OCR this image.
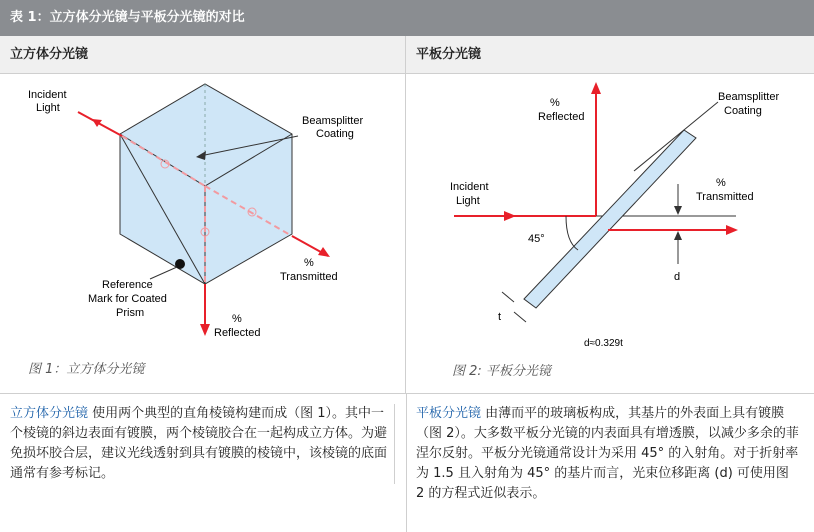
表 1：立方体分光镜与平板分光镜的对比
立方体分光镜	平板分光镜
Incident
Light
Beamsplitter
Coating
Reference
Mark for Coated
Prism
%
Transmitted
%
Reflected
图 1：立方体分光镜
%
Reflected
Beamsplitter
Coating
Incident
Light
%
Transmitted
45°
d
t
d≈0.329t
图 2: 平板分光镜
立方体分光镜 使用两个典型的直角棱镜构建而成（图 1）。其中一个棱镜的斜边表面有镀膜，两个棱镜胶合在一起构成立方体。为避免损坏胶合层，建议光线透射到具有镀膜的棱镜中，该棱镜的底面通常有参考标记。
平板分光镜 由薄而平的玻璃板构成，其基片的外表面上具有镀膜（图 2）。大多数平板分光镜的内表面具有增透膜，以减少多余的菲涅尔反射。平板分光镜通常设计为采用 45° 的入射角。对于折射率为 1.5 且入射角为 45° 的基片而言，光束位移距离 (d) 可使用图 2 的方程式近似表示。
